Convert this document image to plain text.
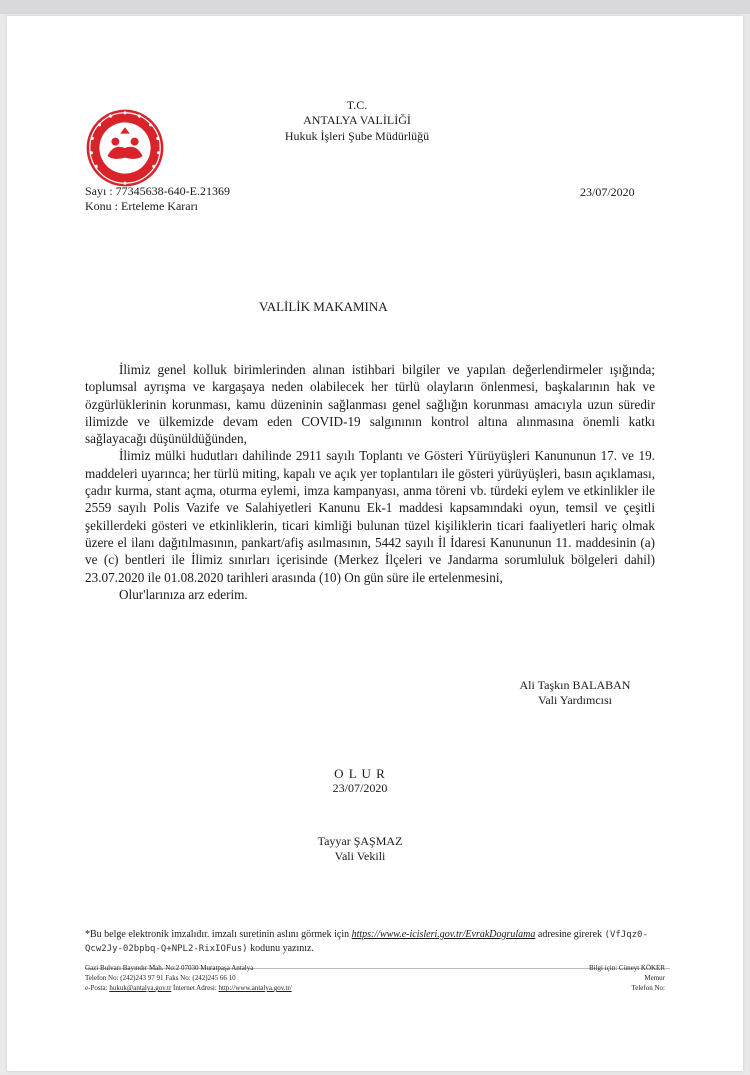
T.C.
ANTALYA VALİLİĞİ
Hukuk İşleri Şube Müdürlüğü
Sayı : 77345638-640-E.21369
Konu : Erteleme Kararı
23/07/2020
VALİLİK MAKAMINA

İlimiz genel kolluk birimlerinden alınan istihbari bilgiler ve yapılan değerlendirmeler ışığında; toplumsal ayrışma ve kargaşaya neden olabilecek her türlü olayların önlenmesi, başkalarının hak ve özgürlüklerinin korunması, kamu düzeninin sağlanması genel sağlığın korunması amacıyla uzun süredir ilimizde ve ülkemizde devam eden COVID-19 salgınının kontrol altına alınmasına önemli katkı sağlayacağı düşünüldüğünden,

İlimiz mülki hudutları dahilinde 2911 sayılı Toplantı ve Gösteri Yürüyüşleri Kanununun 17. ve 19. maddeleri uyarınca; her türlü miting, kapalı ve açık yer toplantıları ile gösteri yürüyüşleri, basın açıklaması, çadır kurma, stant açma, oturma eylemi, imza kampanyası, anma töreni vb. türdeki eylem ve etkinlikler ile 2559 sayılı Polis Vazife ve Salahiyetleri Kanunu Ek-1 maddesi kapsamındaki oyun, temsil ve çeşitli şekillerdeki gösteri ve etkinliklerin, ticari kimliği bulunan tüzel kişiliklerin ticari faaliyetleri hariç olmak üzere el ilanı dağıtılmasının, pankart/afiş asılmasının, 5442 sayılı İl İdaresi Kanununun 11. maddesinin (a) ve (c) bentleri ile İlimiz sınırları içerisinde (Merkez İlçeleri ve Jandarma sorumluluk bölgeleri dahil) 23.07.2020 ile 01.08.2020 tarihleri arasında (10) On gün süre ile ertelenmesini,

Olur'larınıza arz ederim.

Ali Taşkın BALABAN
Vali Yardımcısı
O L U R
23/07/2020
Tayyar ŞAŞMAZ
Vali Vekili
*Bu belge elektronik imzalıdır. imzalı suretinin aslını görmek için https://www.e-icisleri.gov.tr/EvrakDogrulama adresine girerek (VfJqz0-Qcw2Jy-02bpbq-Q+NPL2-RixIOFus) kodunu yazınız.
Gazi Bulvarı Bayındır Mah. No:2 07030 Muratpaşa Antalya
Telefon No: (242)243 97 91 Faks No: (242)245 66 10
e-Posta: hukuk@antalya.gov.tr İnternet Adresi: http://www.antalya.gov.tr/
Bilgi için: Cüneyt KÖKER
Memur
Telefon No:
